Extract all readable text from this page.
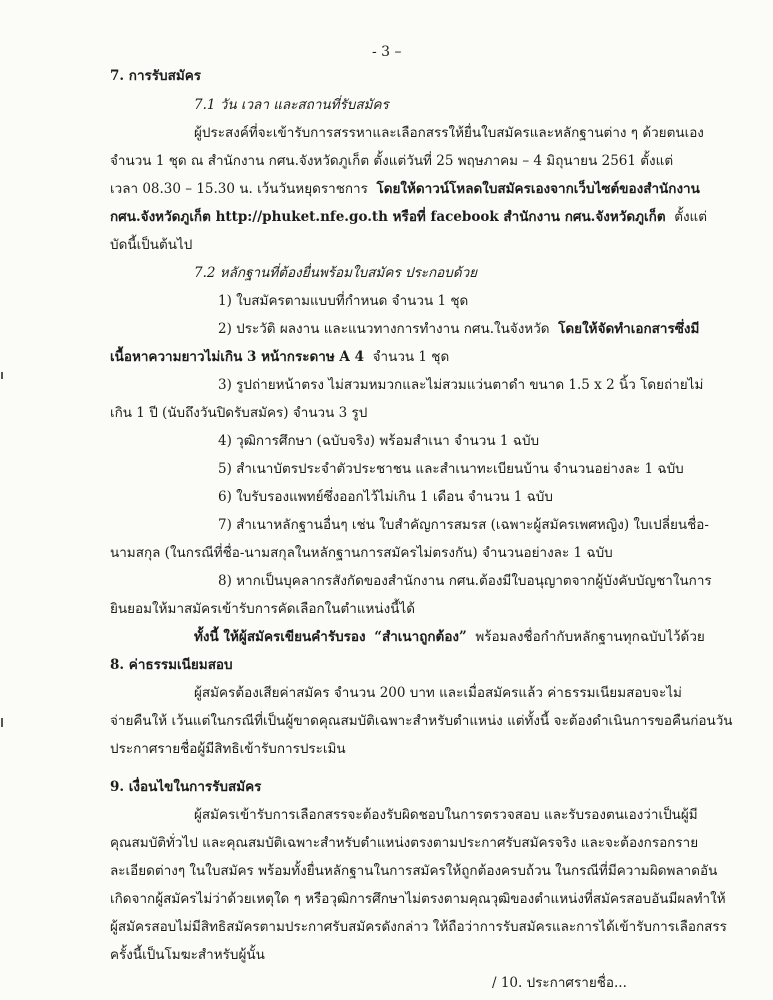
- 3 –
7. การรับสมัคร
7.1 วัน เวลา และสถานที่รับสมัคร
ผู้ประสงค์ที่จะเข้ารับการสรรหาและเลือกสรรให้ยื่นใบสมัครและหลักฐานต่าง ๆ ด้วยตนเอง
จำนวน 1 ชุด ณ สำนักงาน กศน.จังหวัดภูเก็ต ตั้งแต่วันที่ 25 พฤษภาคม – 4 มิถุนายน 2561 ตั้งแต่
เวลา 08.30 – 15.30 น. เว้นวันหยุดราชการ โดยให้ดาวน์โหลดใบสมัครเองจากเว็บไซต์ของสำนักงาน
กศน.จังหวัดภูเก็ต http://phuket.nfe.go.th หรือที่ facebook สำนักงาน กศน.จังหวัดภูเก็ต ตั้งแต่
บัดนี้เป็นต้นไป
7.2 หลักฐานที่ต้องยื่นพร้อมใบสมัคร ประกอบด้วย
1) ใบสมัครตามแบบที่กำหนด จำนวน 1 ชุด
2) ประวัติ ผลงาน และแนวทางการทำงาน กศน.ในจังหวัด โดยให้จัดทำเอกสารซึ่งมี
เนื้อหาความยาวไม่เกิน 3 หน้ากระดาษ A 4 จำนวน 1 ชุด
3) รูปถ่ายหน้าตรง ไม่สวมหมวกและไม่สวมแว่นตาดำ ขนาด 1.5 x 2 นิ้ว โดยถ่ายไม่
เกิน 1 ปี (นับถึงวันปิดรับสมัคร) จำนวน 3 รูป
4) วุฒิการศึกษา (ฉบับจริง) พร้อมสำเนา จำนวน 1 ฉบับ
5) สำเนาบัตรประจำตัวประชาชน และสำเนาทะเบียนบ้าน จำนวนอย่างละ 1 ฉบับ
6) ใบรับรองแพทย์ซึ่งออกไว้ไม่เกิน 1 เดือน จำนวน 1 ฉบับ
7) สำเนาหลักฐานอื่นๆ เช่น ใบสำคัญการสมรส (เฉพาะผู้สมัครเพศหญิง) ใบเปลี่ยนชื่อ-
นามสกุล (ในกรณีที่ชื่อ-นามสกุลในหลักฐานการสมัครไม่ตรงกัน) จำนวนอย่างละ 1 ฉบับ
8) หากเป็นบุคลากรสังกัดของสำนักงาน กศน.ต้องมีใบอนุญาตจากผู้บังคับบัญชาในการ
ยินยอมให้มาสมัครเข้ารับการคัดเลือกในตำแหน่งนี้ได้
ทั้งนี้ ให้ผู้สมัครเขียนคำรับรอง “สำเนาถูกต้อง” พร้อมลงชื่อกำกับหลักฐานทุกฉบับไว้ด้วย
8. ค่าธรรมเนียมสอบ
ผู้สมัครต้องเสียค่าสมัคร จำนวน 200 บาท และเมื่อสมัครแล้ว ค่าธรรมเนียมสอบจะไม่
จ่ายคืนให้ เว้นแต่ในกรณีที่เป็นผู้ขาดคุณสมบัติเฉพาะสำหรับตำแหน่ง แต่ทั้งนี้ จะต้องดำเนินการขอคืนก่อนวัน
ประกาศรายชื่อผู้มีสิทธิเข้ารับการประเมิน
9. เงื่อนไขในการรับสมัคร
ผู้สมัครเข้ารับการเลือกสรรจะต้องรับผิดชอบในการตรวจสอบ และรับรองตนเองว่าเป็นผู้มี
คุณสมบัติทั่วไป และคุณสมบัติเฉพาะสำหรับตำแหน่งตรงตามประกาศรับสมัครจริง และจะต้องกรอกราย
ละเอียดต่างๆ ในใบสมัคร พร้อมทั้งยื่นหลักฐานในการสมัครให้ถูกต้องครบถ้วน ในกรณีที่มีความผิดพลาดอัน
เกิดจากผู้สมัครไม่ว่าด้วยเหตุใด ๆ หรือวุฒิการศึกษาไม่ตรงตามคุณวุฒิของตำแหน่งที่สมัครสอบอันมีผลทำให้
ผู้สมัครสอบไม่มีสิทธิสมัครตามประกาศรับสมัครดังกล่าว ให้ถือว่าการรับสมัครและการได้เข้ารับการเลือกสรร
ครั้งนี้เป็นโมฆะสำหรับผู้นั้น
/ 10. ประกาศรายชื่อ...
